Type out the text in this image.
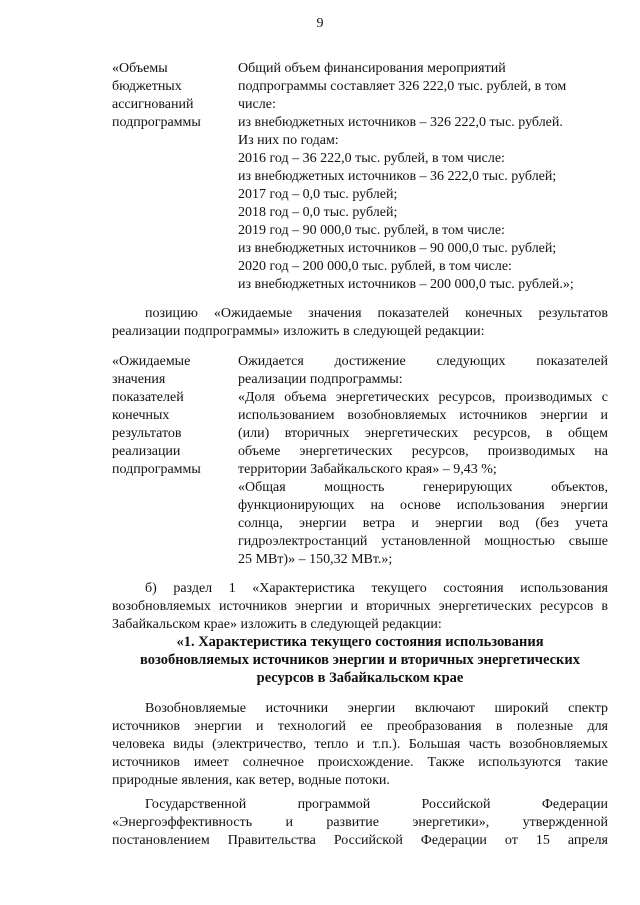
9
«Объемы
бюджетных
ассигнований
подпрограммы
Общий объем финансирования мероприятий
подпрограммы составляет 326 222,0 тыс. рублей, в том
числе:
из внебюджетных источников – 326 222,0 тыс. рублей.
Из них по годам:
2016 год – 36 222,0 тыс. рублей, в том числе:
из внебюджетных источников – 36 222,0 тыс. рублей;
2017 год – 0,0 тыс. рублей;
2018 год – 0,0 тыс. рублей;
2019 год – 90 000,0 тыс. рублей, в том числе:
из внебюджетных источников – 90 000,0 тыс. рублей;
2020 год – 200 000,0 тыс. рублей, в том числе:
из внебюджетных источников – 200 000,0 тыс. рублей.»;
позицию «Ожидаемые значения показателей конечных результатов
реализации подпрограммы» изложить в следующей редакции:
«Ожидаемые
значения
показателей
конечных
результатов
реализации
подпрограммы
Ожидается достижение следующих показателей
реализации подпрограммы:
«Доля объема энергетических ресурсов, производимых с
использованием возобновляемых источников энергии и
(или) вторичных энергетических ресурсов, в общем
объеме энергетических ресурсов, производимых на
территории Забайкальского края» – 9,43 %;
«Общая мощность генерирующих объектов,
функционирующих на основе использования энергии
солнца, энергии ветра и энергии вод (без учета
гидроэлектростанций установленной мощностью свыше
25 МВт)» – 150,32 МВт.»;
б) раздел 1 «Характеристика текущего состояния использования
возобновляемых источников энергии и вторичных энергетических ресурсов в
Забайкальском крае» изложить в следующей редакции:
«1. Характеристика текущего состояния использования
возобновляемых источников энергии и вторичных энергетических
ресурсов в Забайкальском крае
Возобновляемые источники энергии включают широкий спектр
источников энергии и технологий ее преобразования в полезные для
человека виды (электричество, тепло и т.п.). Большая часть возобновляемых
источников имеет солнечное происхождение. Также используются такие
природные явления, как ветер, водные потоки.
Государственной программой Российской Федерации
«Энергоэффективность и развитие энергетики», утвержденной
постановлением Правительства Российской Федерации от 15 апреля
